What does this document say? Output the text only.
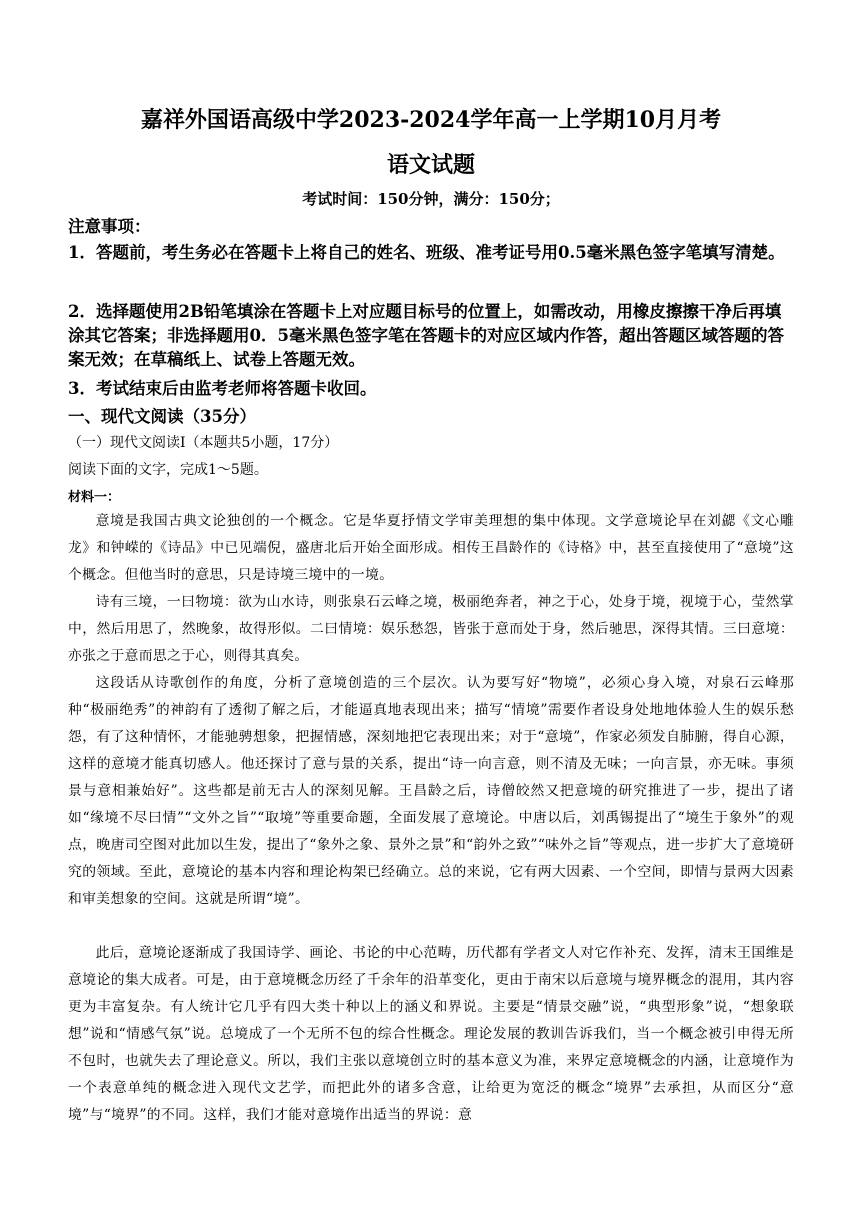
嘉祥外国语高级中学2023-2024学年高一上学期10月月考
语文试题
考试时间：150分钟，满分：150分；
注意事项：
1．答题前，考生务必在答题卡上将自己的姓名、班级、准考证号用0.5毫米黑色签字笔填写清楚。
2．选择题使用2B铅笔填涂在答题卡上对应题目标号的位置上，如需改动，用橡皮擦擦干净后再填涂其它答案；非选择题用0．5毫米黑色签字笔在答题卡的对应区域内作答，超出答题区域答题的答案无效；在草稿纸上、试卷上答题无效。
3．考试结束后由监考老师将答题卡收回。
一、现代文阅读（35分）
（一）现代文阅读Ⅰ（本题共5小题，17分）
阅读下面的文字，完成1～5题。
材料一：
意境是我国古典文论独创的一个概念。它是华夏抒情文学审美理想的集中体现。文学意境论早在刘勰《文心雕龙》和钟嵘的《诗品》中已见端倪，盛唐北后开始全面形成。相传王昌龄作的《诗格》中，甚至直接使用了“意境”这个概念。但他当时的意思，只是诗境三境中的一境。
诗有三境，一曰物境：欲为山水诗，则张泉石云峰之境，极丽绝奔者，神之于心，处身于境，视境于心，莹然掌中，然后用思了，然晚象，故得形似。二曰情境：娱乐愁怨，皆张于意而处于身，然后驰思，深得其情。三曰意境：亦张之于意而思之于心，则得其真矣。
这段话从诗歌创作的角度，分析了意境创造的三个层次。认为要写好“物境”，必须心身入境，对泉石云峰那种“极丽绝秀”的神韵有了透彻了解之后，才能逼真地表现出来；描写“情境”需要作者设身处地地体验人生的娱乐愁怨，有了这种情怀，才能驰骋想象，把握情感，深刻地把它表现出来；对于“意境”，作家必须发自肺腑，得自心源，这样的意境才能真切感人。他还探讨了意与景的关系，提出“诗一向言意，则不清及无味；一向言景，亦无味。事须景与意相兼始好”。这些都是前无古人的深刻见解。王昌龄之后，诗僧皎然又把意境的研究推进了一步，提出了诸如“缘境不尽曰情”“文外之旨”“取境”等重要命题，全面发展了意境论。中唐以后，刘禹锡提出了“境生于象外”的观点，晚唐司空图对此加以生发，提出了“象外之象、景外之景”和“韵外之致”“味外之旨”等观点，进一步扩大了意境研究的领域。至此，意境论的基本内容和理论构架已经确立。总的来说，它有两大因素、一个空间，即情与景两大因素和审美想象的空间。这就是所谓“境”。
此后，意境论逐渐成了我国诗学、画论、书论的中心范畴，历代都有学者文人对它作补充、发挥，清末王国维是意境论的集大成者。可是，由于意境概念历经了千余年的沿革变化，更由于南宋以后意境与境界概念的混用，其内容更为丰富复杂。有人统计它几乎有四大类十种以上的涵义和界说。主要是“情景交融”说，“典型形象”说，“想象联想”说和“情感气氛”说。总境成了一个无所不包的综合性概念。理论发展的教训告诉我们，当一个概念被引申得无所不包时，也就失去了理论意义。所以，我们主张以意境创立时的基本意义为准，来界定意境概念的内涵，让意境作为一个表意单纯的概念进入现代文艺学，而把此外的诸多含意，让给更为宽泛的概念“境界”去承担，从而区分“意境”与“境界”的不同。这样，我们才能对意境作出适当的界说：意
